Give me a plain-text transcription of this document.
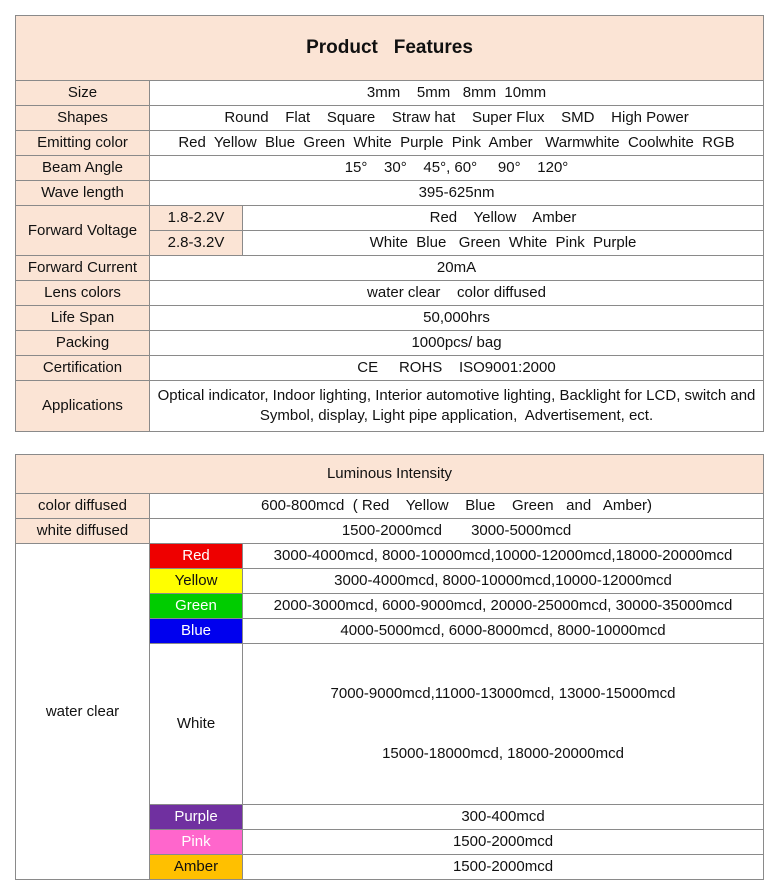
Product   Features		
Size	3mm    5mm   8mm  10mm	
Shapes	Round    Flat    Square    Straw hat    Super Flux    SMD    High Power	
Emitting color	Red  Yellow  Blue  Green  White  Purple  Pink  Amber   Warmwhite  Coolwhite  RGB	
Beam Angle	15°    30°    45°, 60°     90°    120°	
Wave length	395-625nm	
Forward Voltage	1.8-2.2V	Red    Yellow    Amber
	2.8-3.2V	White  Blue   Green  White  Pink  Purple
Forward Current	20mA	
Lens colors	water clear    color diffused	
Life Span	50,000hrs	
Packing	1000pcs/ bag	
Certification	CE     ROHS    ISO9001:2000	
Applications	Optical indicator, Indoor lighting, Interior automotive lighting, Backlight for LCD, switch and Symbol, display, Light pipe application,  Advertisement, ect.	
Luminous Intensity		
color diffused	600-800mcd  ( Red    Yellow    Blue    Green   and   Amber)	
white diffused	1500-2000mcd       3000-5000mcd	
water clear	Red	3000-4000mcd, 8000-10000mcd,10000-12000mcd,18000-20000mcd
	Yellow	3000-4000mcd, 8000-10000mcd,10000-12000mcd
	Green	2000-3000mcd, 6000-9000mcd, 20000-25000mcd, 30000-35000mcd
	Blue	4000-5000mcd, 6000-8000mcd, 8000-10000mcd
	White	7000-9000mcd,11000-13000mcd, 13000-15000mcd

15000-18000mcd, 18000-20000mcd

	Purple	300-400mcd
	Pink	1500-2000mcd
	Amber	1500-2000mcd
